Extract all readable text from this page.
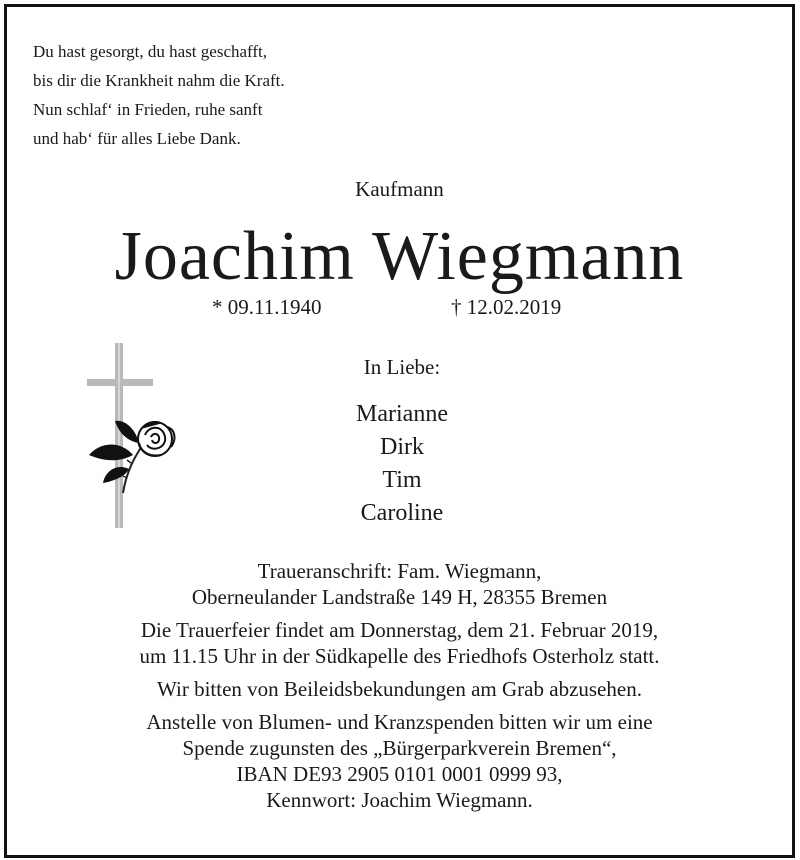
Du hast gesorgt, du hast geschafft,
bis dir die Krankheit nahm die Kraft.
Nun schlaf‘ in Frieden, ruhe sanft
und hab‘ für alles Liebe Dank.
Kaufmann
Joachim Wiegmann
* 09.11.1940	† 12.02.2019
In Liebe:
Marianne
Dirk
Tim
Caroline

Traueranschrift: Fam. Wiegmann,
Oberneulander Landstraße 149 H, 28355 Bremen

Die Trauerfeier findet am Donnerstag, dem 21. Februar 2019,
um 11.15 Uhr in der Südkapelle des Friedhofs Osterholz statt.

Wir bitten von Beileidsbekundungen am Grab abzusehen.

Anstelle von Blumen- und Kranzspenden bitten wir um eine
Spende zugunsten des „Bürgerparkverein Bremen“,
IBAN DE93 2905 0101 0001 0999 93,
Kennwort: Joachim Wiegmann.
